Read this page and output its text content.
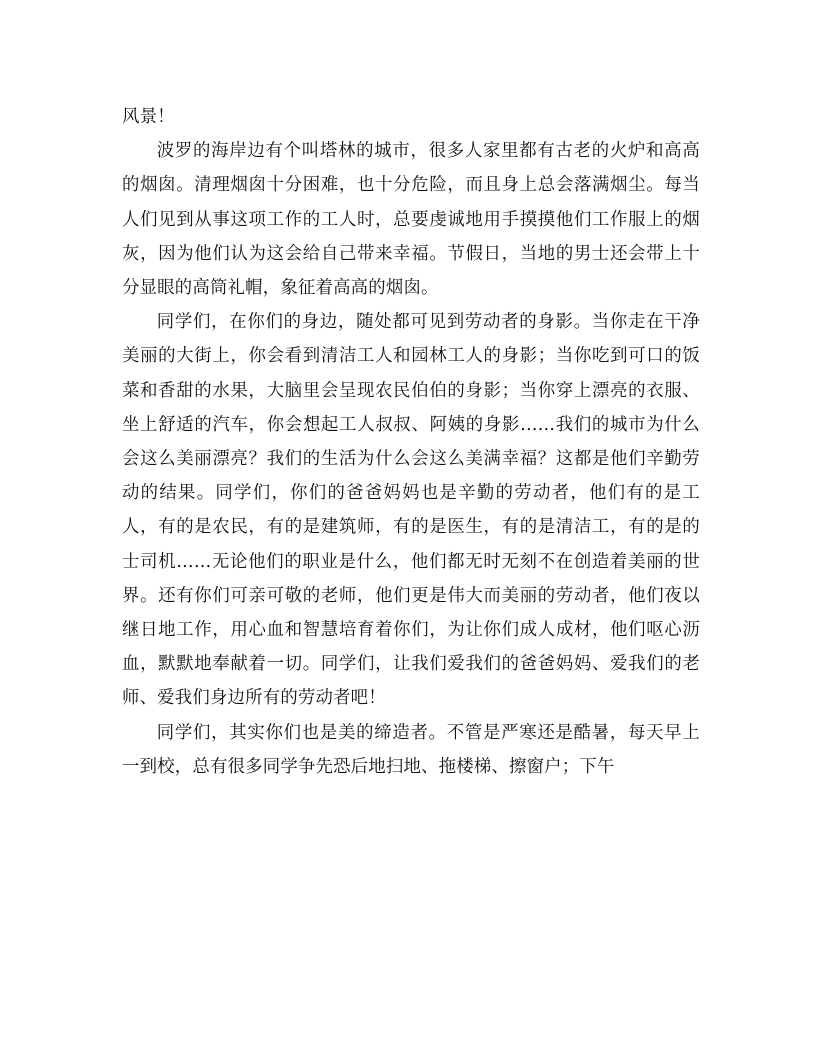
风景！

波罗的海岸边有个叫塔林的城市，很多人家里都有古老的火炉和高高的烟囱。清理烟囱十分困难，也十分危险，而且身上总会落满烟尘。每当人们见到从事这项工作的工人时，总要虔诚地用手摸摸他们工作服上的烟灰，因为他们认为这会给自己带来幸福。节假日，当地的男士还会带上十分显眼的高筒礼帽，象征着高高的烟囱。

同学们，在你们的身边，随处都可见到劳动者的身影。当你走在干净美丽的大街上，你会看到清洁工人和园林工人的身影；当你吃到可口的饭菜和香甜的水果，大脑里会呈现农民伯伯的身影；当你穿上漂亮的衣服、坐上舒适的汽车，你会想起工人叔叔、阿姨的身影……我们的城市为什么会这么美丽漂亮？我们的生活为什么会这么美满幸福？这都是他们辛勤劳动的结果。同学们，你们的爸爸妈妈也是辛勤的劳动者，他们有的是工人，有的是农民，有的是建筑师，有的是医生，有的是清洁工，有的是的士司机……无论他们的职业是什么，他们都无时无刻不在创造着美丽的世界。还有你们可亲可敬的老师，他们更是伟大而美丽的劳动者，他们夜以继日地工作，用心血和智慧培育着你们，为让你们成人成材，他们呕心沥血，默默地奉献着一切。同学们，让我们爱我们的爸爸妈妈、爱我们的老师、爱我们身边所有的劳动者吧！

同学们，其实你们也是美的缔造者。不管是严寒还是酷暑，每天早上一到校，总有很多同学争先恐后地扫地、拖楼梯、擦窗户；下午
